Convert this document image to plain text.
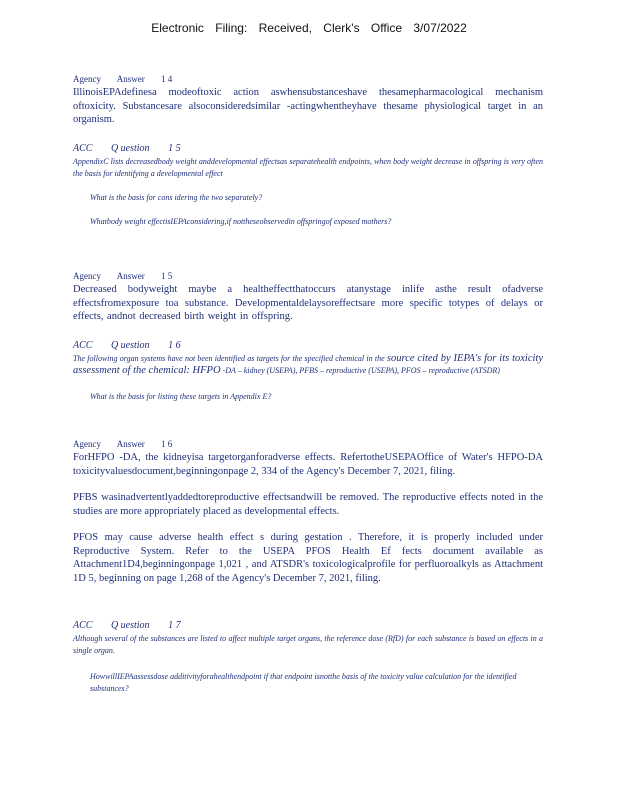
Electronic Filing: Received, Clerk's Office 3/07/2022
Agency Answer 1 4
IllinoisEPAdefinesa modeoftoxic action aswhensubstanceshave thesamepharmacological mechanism oftoxicity. Substancesare alsoconsideredsimilar -actingwhentheyhave thesame physiological target in an organism.
ACC Q uestion 1 5
AppendixC lists decreasedbody weight anddevelopmental effectsas separatehealth endpoints, when body weight decrease in offspring is very often the basis for identifying a developmental effect
What is the basis for cons idering the two separately?
Whatbody weight effectisIEPAconsidering,if nottheseobservedin offspringof exposed mothers?
Agency Answer 1 5
Decreased bodyweight maybe a healtheffectthatoccurs atanystage inlife asthe result ofadverse effectsfromexposure toa substance. Developmentaldelaysoreffectsare more specific totypes of delays or effects, andnot decreased birth weight in offspring.
ACC Q uestion 1 6
The following organ systems have not been identified as targets for the specified chemical in the source cited by IEPA's for its toxicity assessment of the chemical: HFPO -DA – kidney (USEPA), PFBS – reproductive (USEPA), PFOS – reproductive (ATSDR)
What is the basis for listing these targets in Appendix E?
Agency Answer 1 6
ForHFPO -DA, the kidneyisa targetorganforadverse effects. RefertotheUSEPAOffice of Water's HFPO-DA toxicityvaluesdocument,beginningonpage 2, 334 of the Agency's December 7, 2021, filing.
PFBS wasinadvertentlyaddedtoreproductive effectsandwill be removed. The reproductive effects noted in the studies are more appropriately placed as developmental effects.
PFOS may cause adverse health effect s during gestation . Therefore, it is properly included under Reproductive System. Refer to the USEPA PFOS Health Ef fects document available as Attachment1D4,beginningonpage 1,021 , and ATSDR's toxicologicalprofile for perfluoroalkyls as Attachment 1D 5, beginning on page 1,268 of the Agency's December 7, 2021, filing.
ACC Q uestion 1 7
Although several of the substances are listed to affect multiple target organs, the reference dose (RfD) for each substance is based on effects in a single organ.
HowwillIEPAassessdose additivityforahealthendpoint if that endpoint isnotthe basis of the toxicity value calculation for the identified substances?
